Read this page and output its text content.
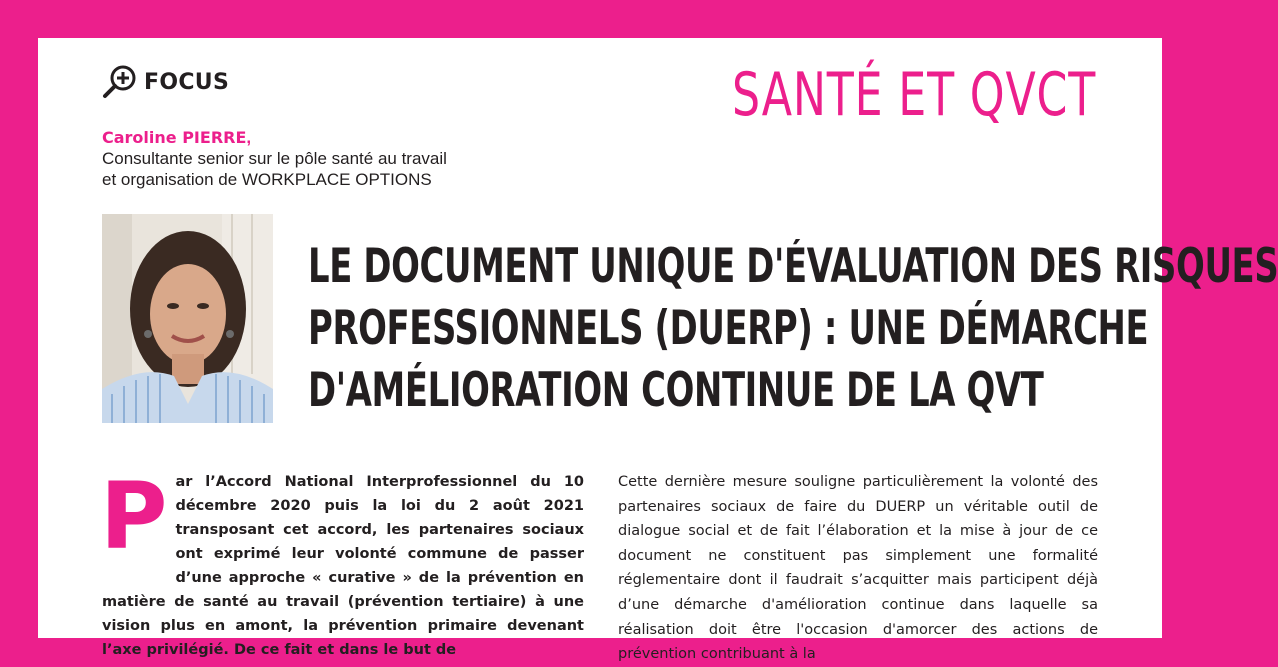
FOCUS	SANTÉ ET QVCT
Caroline PIERRE,
Consultante senior sur le pôle santé au travail
et organisation de WORKPLACE OPTIONS
LE DOCUMENT UNIQUE D'ÉVALUATION DES RISQUES
PROFESSIONNELS (DUERP) : UNE DÉMARCHE
D'AMÉLIORATION CONTINUE DE LA QVT
P ar l’Accord National Interprofessionnel du 10 décembre 2020 puis la loi du 2 août 2021 transposant cet accord, les partenaires sociaux ont exprimé leur volonté commune de passer d’une approche « curative » de la prévention en matière de santé au travail (prévention tertiaire) à une vision plus en amont, la prévention primaire devenant l’axe privilégié. De ce fait et dans le but de

Cette dernière mesure souligne particulièrement la volonté des partenaires sociaux de faire du DUERP un véritable outil de dialogue social et de fait l’élaboration et la mise à jour de ce document ne constituent pas simplement une formalité réglementaire dont il faudrait s’acquitter mais participent déjà d’une démarche d'amélioration continue dans laquelle sa réalisation doit être l'occasion d'amorcer des actions de prévention contribuant à la
